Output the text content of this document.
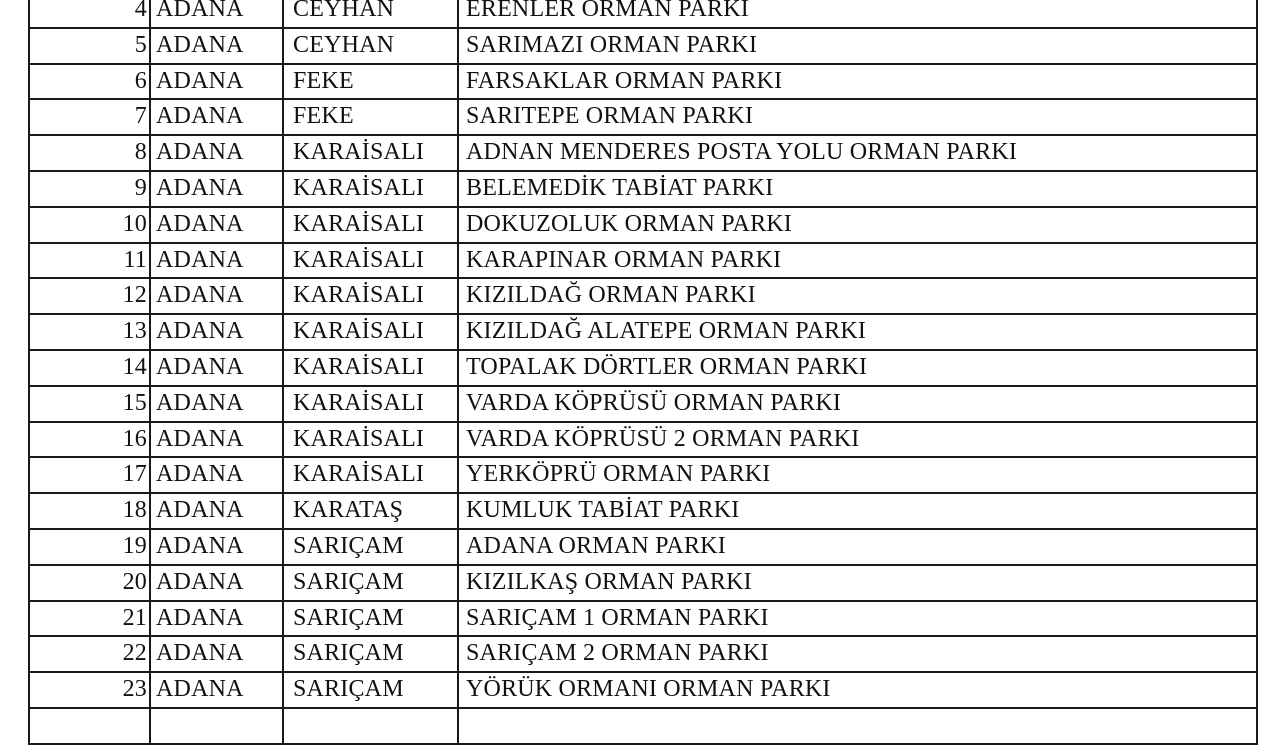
4 ADANA	CEYHAN	ERENLER ORMAN PARKI
5 ADANA	CEYHAN	SARIMAZI ORMAN PARKI
6 ADANA	FEKE	FARSAKLAR ORMAN PARKI
7 ADANA	FEKE	SARITEPE ORMAN PARKI
8 ADANA	KARAİSALI	ADNAN MENDERES POSTA YOLU ORMAN PARKI
9 ADANA	KARAİSALI	BELEMEDİK TABİAT PARKI
10 ADANA	KARAİSALI	DOKUZOLUK ORMAN PARKI
11 ADANA	KARAİSALI	KARAPINAR ORMAN PARKI
12 ADANA	KARAİSALI	KIZILDAĞ ORMAN PARKI
13 ADANA	KARAİSALI	KIZILDAĞ ALATEPE ORMAN PARKI
14 ADANA	KARAİSALI	TOPALAK DÖRTLER ORMAN PARKI
15 ADANA	KARAİSALI	VARDA KÖPRÜSÜ ORMAN PARKI
16 ADANA	KARAİSALI	VARDA KÖPRÜSÜ 2 ORMAN PARKI
17 ADANA	KARAİSALI	YERKÖPRÜ ORMAN PARKI
18 ADANA	KARATAŞ	KUMLUK TABİAT PARKI
19 ADANA	SARIÇAM	ADANA ORMAN PARKI
20 ADANA	SARIÇAM	KIZILKAŞ ORMAN PARKI
21 ADANA	SARIÇAM	SARIÇAM 1 ORMAN PARKI
22 ADANA	SARIÇAM	SARIÇAM 2 ORMAN PARKI
23 ADANA	SARIÇAM	YÖRÜK ORMANI ORMAN PARKI
